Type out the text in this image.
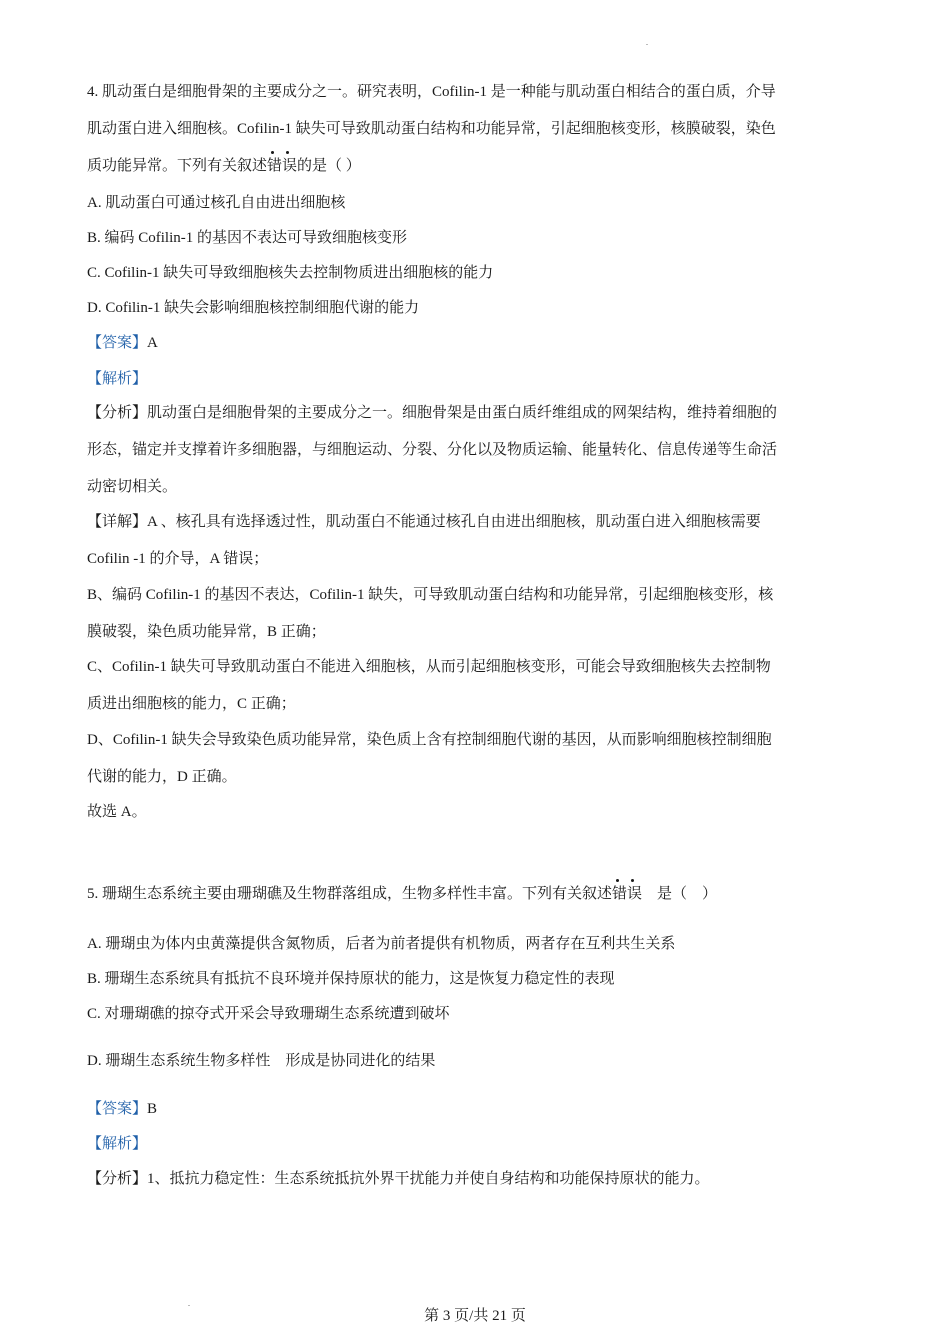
4. 肌动蛋白是细胞骨架的主要成分之一。研究表明，Cofilin-1 是一种能与肌动蛋白相结合的蛋白质，介导
肌动蛋白进入细胞核。Cofilin-1 缺失可导致肌动蛋白结构和功能异常，引起细胞核变形，核膜破裂，染色
质功能异常。下列有关叙述错误的是（ ）
A. 肌动蛋白可通过核孔自由进出细胞核
B. 编码 Cofilin-1 的基因不表达可导致细胞核变形
C. Cofilin-1 缺失可导致细胞核失去控制物质进出细胞核的能力
D. Cofilin-1 缺失会影响细胞核控制细胞代谢的能力
【答案】A
【解析】
【分析】肌动蛋白是细胞骨架的主要成分之一。细胞骨架是由蛋白质纤维组成的网架结构，维持着细胞的
形态，锚定并支撑着许多细胞器，与细胞运动、分裂、分化以及物质运输、能量转化、信息传递等生命活
动密切相关。
【详解】A 、核孔具有选择透过性，肌动蛋白不能通过核孔自由进出细胞核，肌动蛋白进入细胞核需要
Cofilin -1 的介导，A 错误；
B、编码 Cofilin-1 的基因不表达，Cofilin-1 缺失，可导致肌动蛋白结构和功能异常，引起细胞核变形，核
膜破裂，染色质功能异常，B 正确；
C、Cofilin-1 缺失可导致肌动蛋白不能进入细胞核，从而引起细胞核变形，可能会导致细胞核失去控制物
质进出细胞核的能力，C 正确；
D、Cofilin-1 缺失会导致染色质功能异常，染色质上含有控制细胞代谢的基因，从而影响细胞核控制细胞
代谢的能力，D 正确。
故选 A。
5. 珊瑚生态系统主要由珊瑚礁及生物群落组成，生物多样性丰富。下列有关叙述错误    是（    ）
A. 珊瑚虫为体内虫黄藻提供含氮物质，后者为前者提供有机物质，两者存在互利共生关系
B. 珊瑚生态系统具有抵抗不良环境并保持原状的能力，这是恢复力稳定性的表现
C. 对珊瑚礁的掠夺式开采会导致珊瑚生态系统遭到破坏
D. 珊瑚生态系统生物多样性    形成是协同进化的结果
【答案】B
【解析】
【分析】1、抵抗力稳定性：生态系统抵抗外界干扰能力并使自身结构和功能保持原状的能力。
第 3 页/共 21 页
